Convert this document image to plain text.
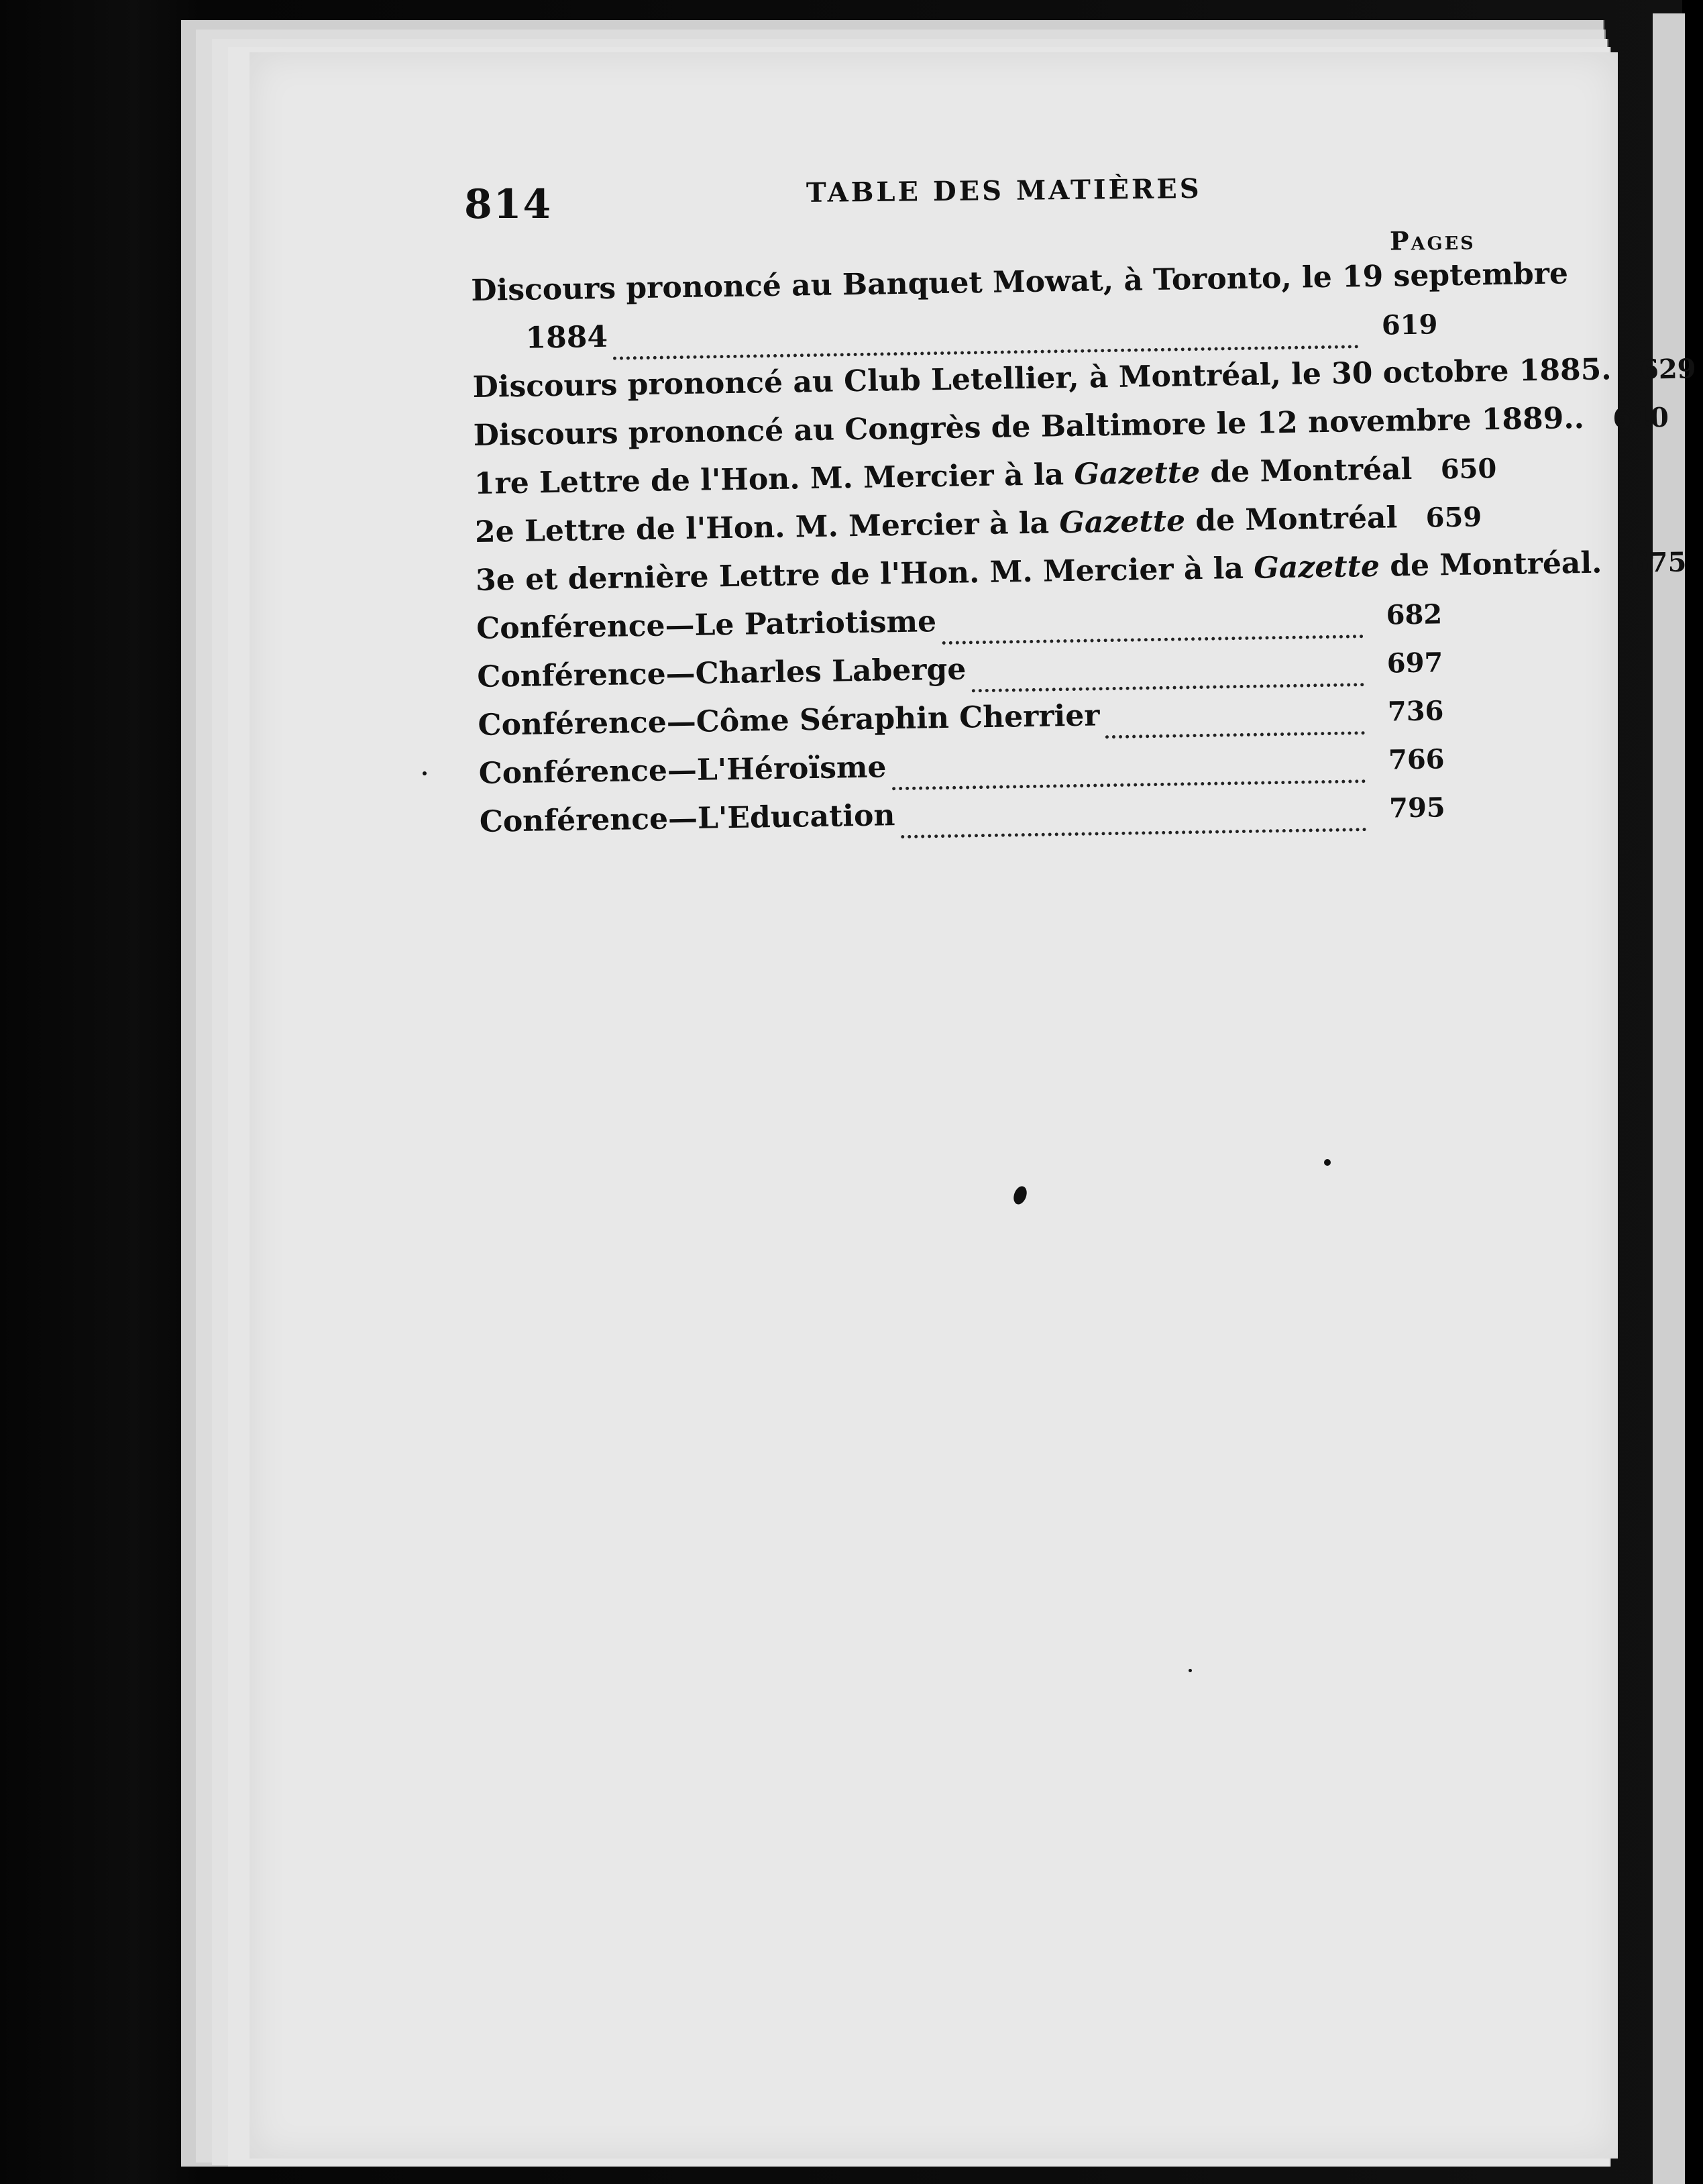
814	TABLE DES MATIÈRES
Pages
Discours prononcé au Banquet Mowat, à Toronto, le 19 septembre
1884	619
Discours prononcé au Club Letellier, à Montréal, le 30 octobre 1885.	629
Discours prononcé au Congrès de Baltimore le 12 novembre 1889..	640
1re Lettre de l'Hon. M. Mercier à la Gazette de Montréal	650
2e Lettre de l'Hon. M. Mercier à la Gazette de Montréal	659
3e et dernière Lettre de l'Hon. M. Mercier à la Gazette de Montréal.	675
Conférence—Le Patriotisme	682
Conférence—Charles Laberge	697
Conférence—Côme Séraphin Cherrier	736
Conférence—L'Héroïsme	766
Conférence—L'Education	795
